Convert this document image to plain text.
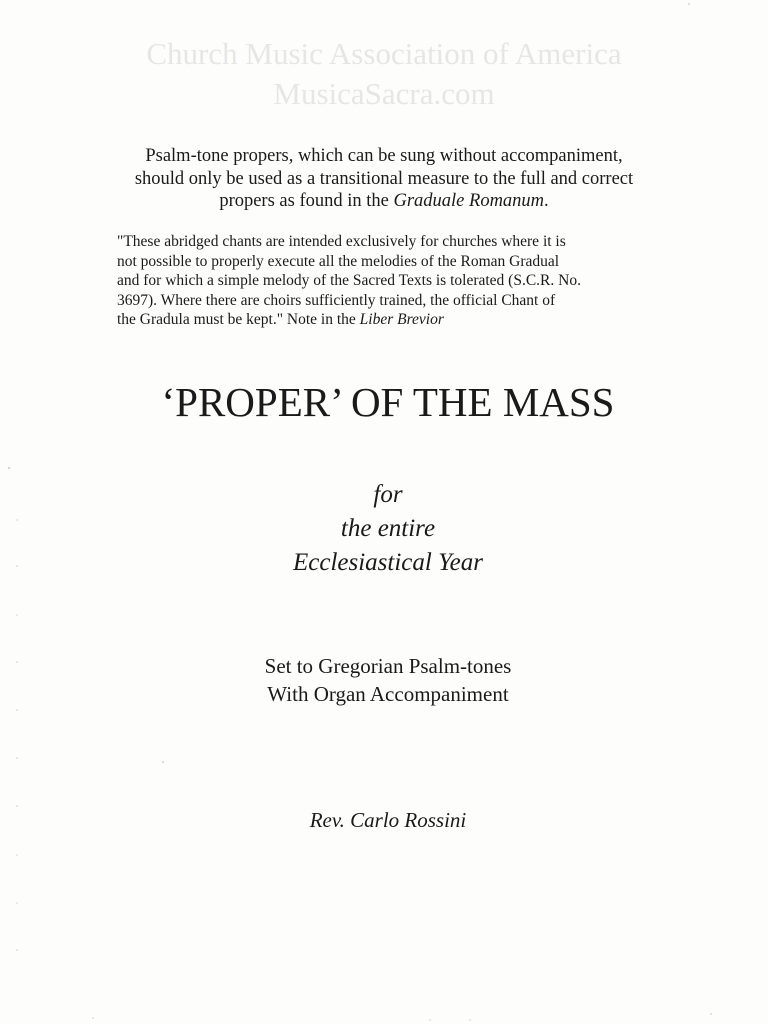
Church Music Association of America
MusicaSacra.com
Psalm-tone propers, which can be sung without accompaniment,
should only be used as a transitional measure to the full and correct
propers as found in the Graduale Romanum.
"These abridged chants are intended exclusively for churches where it is
not possible to properly execute all the melodies of the Roman Gradual
and for which a simple melody of the Sacred Texts is tolerated (S.C.R. No.
3697). Where there are choirs sufficiently trained, the official Chant of
the Gradula must be kept." Note in the Liber Brevior
‘PROPER’ OF THE MASS
for
the entire
Ecclesiastical Year
Set to Gregorian Psalm-tones
With Organ Accompaniment
Rev. Carlo Rossini
